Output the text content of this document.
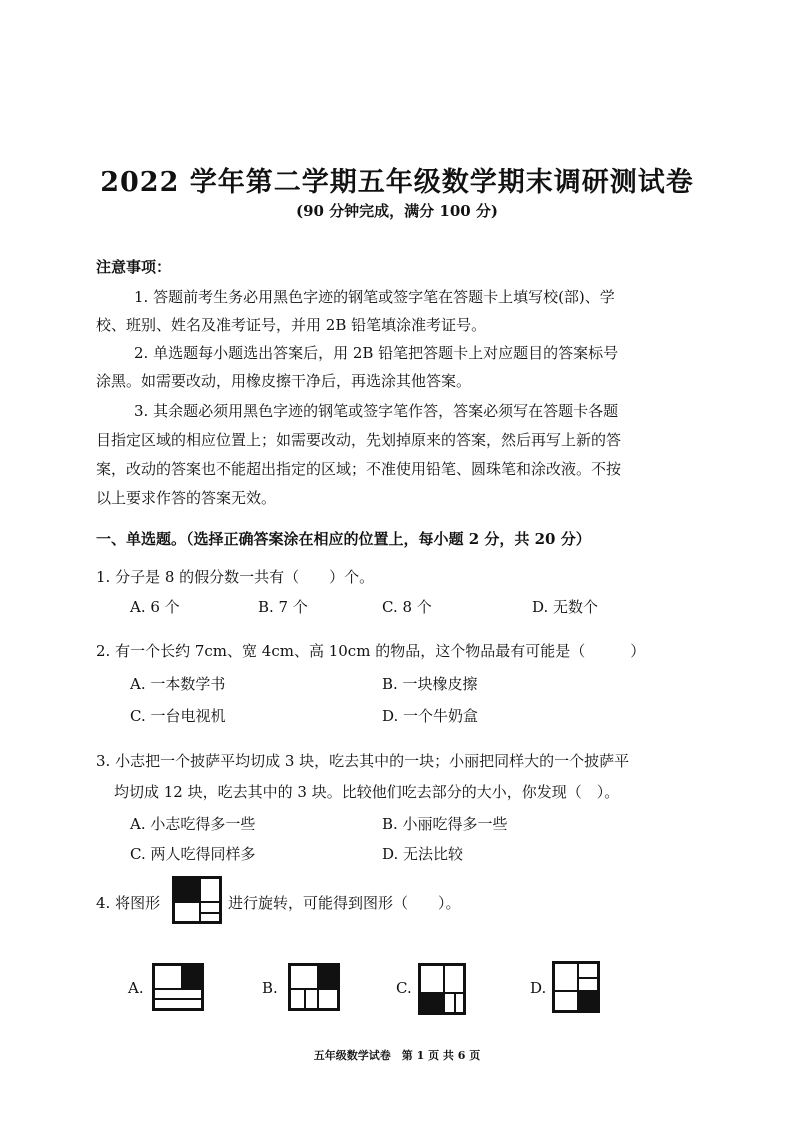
2022 学年第二学期五年级数学期末调研测试卷
(90 分钟完成，满分 100 分)
注意事项：
1. 答题前考生务必用黑色字迹的钢笔或签字笔在答题卡上填写校(部)、学
校、班别、姓名及准考证号，并用 2B 铅笔填涂准考证号。
2. 单选题每小题选出答案后，用 2B 铅笔把答题卡上对应题目的答案标号
涂黑。如需要改动，用橡皮擦干净后，再选涂其他答案。
3. 其余题必须用黑色字迹的钢笔或签字笔作答，答案必须写在答题卡各题
目指定区域的相应位置上；如需要改动，先划掉原来的答案，然后再写上新的答
案，改动的答案也不能超出指定的区域；不准使用铅笔、圆珠笔和涂改液。不按
以上要求作答的答案无效。
一、单选题。（选择正确答案涂在相应的位置上，每小题 2 分，共 20 分）
1. 分子是 8 的假分数一共有（　　）个。
A. 6 个	B. 7 个	C. 8 个	D. 无数个
2. 有一个长约 7cm、宽 4cm、高 10cm 的物品，这个物品最有可能是（　　　）
A. 一本数学书	B. 一块橡皮擦
C. 一台电视机	D. 一个牛奶盒
3. 小志把一个披萨平均切成 3 块，吃去其中的一块；小丽把同样大的一个披萨平
均切成 12 块，吃去其中的 3 块。比较他们吃去部分的大小，你发现（　）。
A. 小志吃得多一些	B. 小丽吃得多一些
C. 两人吃得同样多	D. 无法比较
4. 将图形	进行旋转，可能得到图形（　　）。
A.	B.	C.	D.
五年级数学试卷　第 1 页 共 6 页
